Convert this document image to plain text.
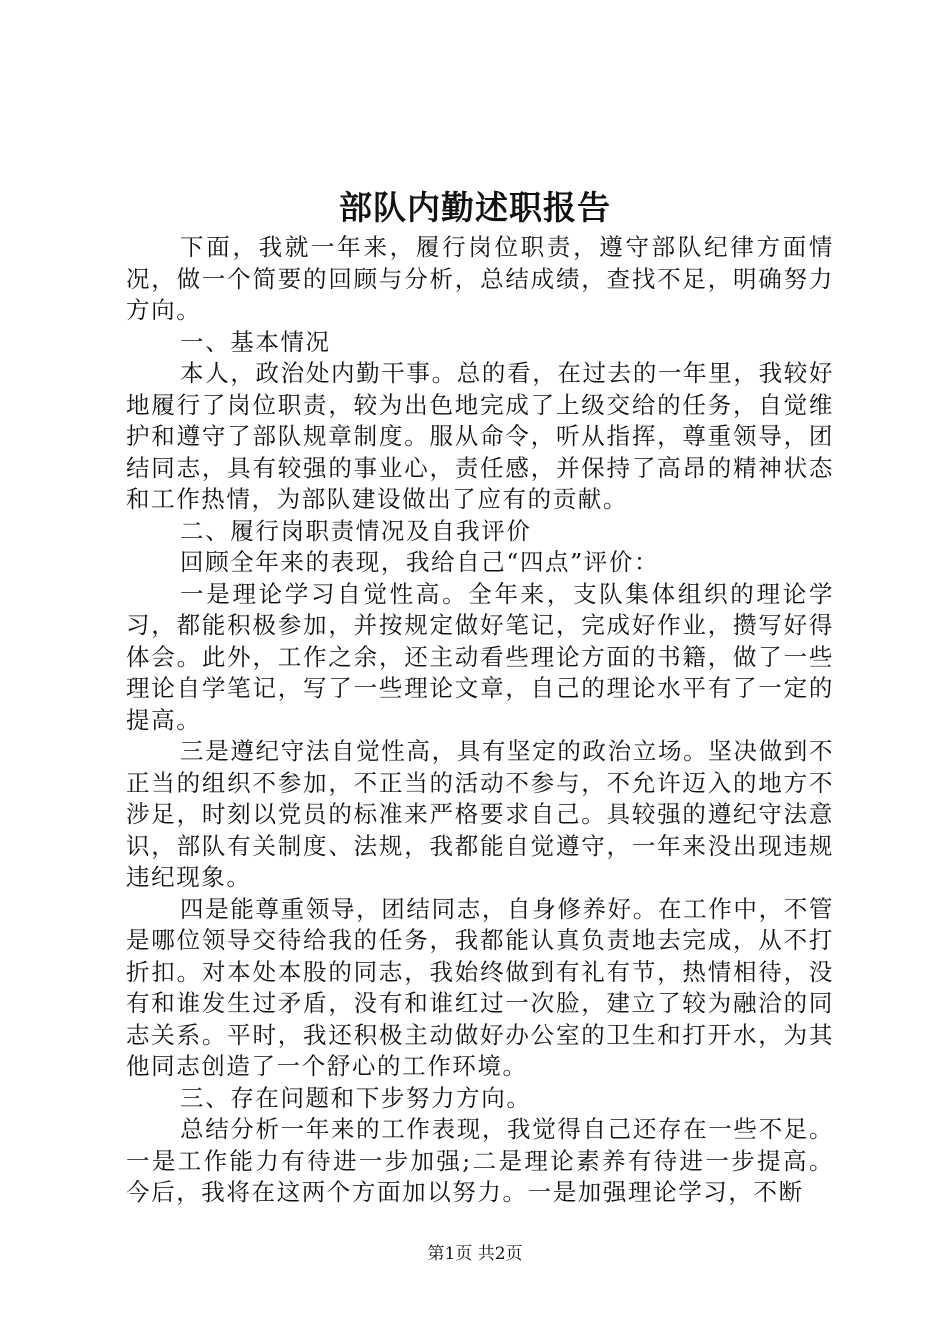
部队内勤述职报告

下面，我就一年来，履行岗位职责，遵守部队纪律方面情况，做一个简要的回顾与分析，总结成绩，查找不足，明确努力方向。

一、基本情况

本人，政治处内勤干事。总的看，在过去的一年里，我较好地履行了岗位职责，较为出色地完成了上级交给的任务，自觉维护和遵守了部队规章制度。服从命令，听从指挥，尊重领导，团结同志，具有较强的事业心，责任感，并保持了高昂的精神状态和工作热情，为部队建设做出了应有的贡献。

二、履行岗职责情况及自我评价

回顾全年来的表现，我给自己“四点”评价：

一是理论学习自觉性高。全年来，支队集体组织的理论学习，都能积极参加，并按规定做好笔记，完成好作业，攒写好得体会。此外，工作之余，还主动看些理论方面的书籍，做了一些理论自学笔记，写了一些理论文章，自己的理论水平有了一定的提高。

三是遵纪守法自觉性高，具有坚定的政治立场。坚决做到不正当的组织不参加，不正当的活动不参与，不允许迈入的地方不涉足，时刻以党员的标准来严格要求自己。具较强的遵纪守法意识，部队有关制度、法规，我都能自觉遵守，一年来没出现违规违纪现象。

四是能尊重领导，团结同志，自身修养好。在工作中，不管是哪位领导交待给我的任务，我都能认真负责地去完成，从不打折扣。对本处本股的同志，我始终做到有礼有节，热情相待，没有和谁发生过矛盾，没有和谁红过一次脸，建立了较为融洽的同志关系。平时，我还积极主动做好办公室的卫生和打开水，为其他同志创造了一个舒心的工作环境。

三、存在问题和下步努力方向。

总结分析一年来的工作表现，我觉得自己还存在一些不足。一是工作能力有待进一步加强;二是理论素养有待进一步提高。今后，我将在这两个方面加以努力。一是加强理论学习，不断

第1页 共2页
